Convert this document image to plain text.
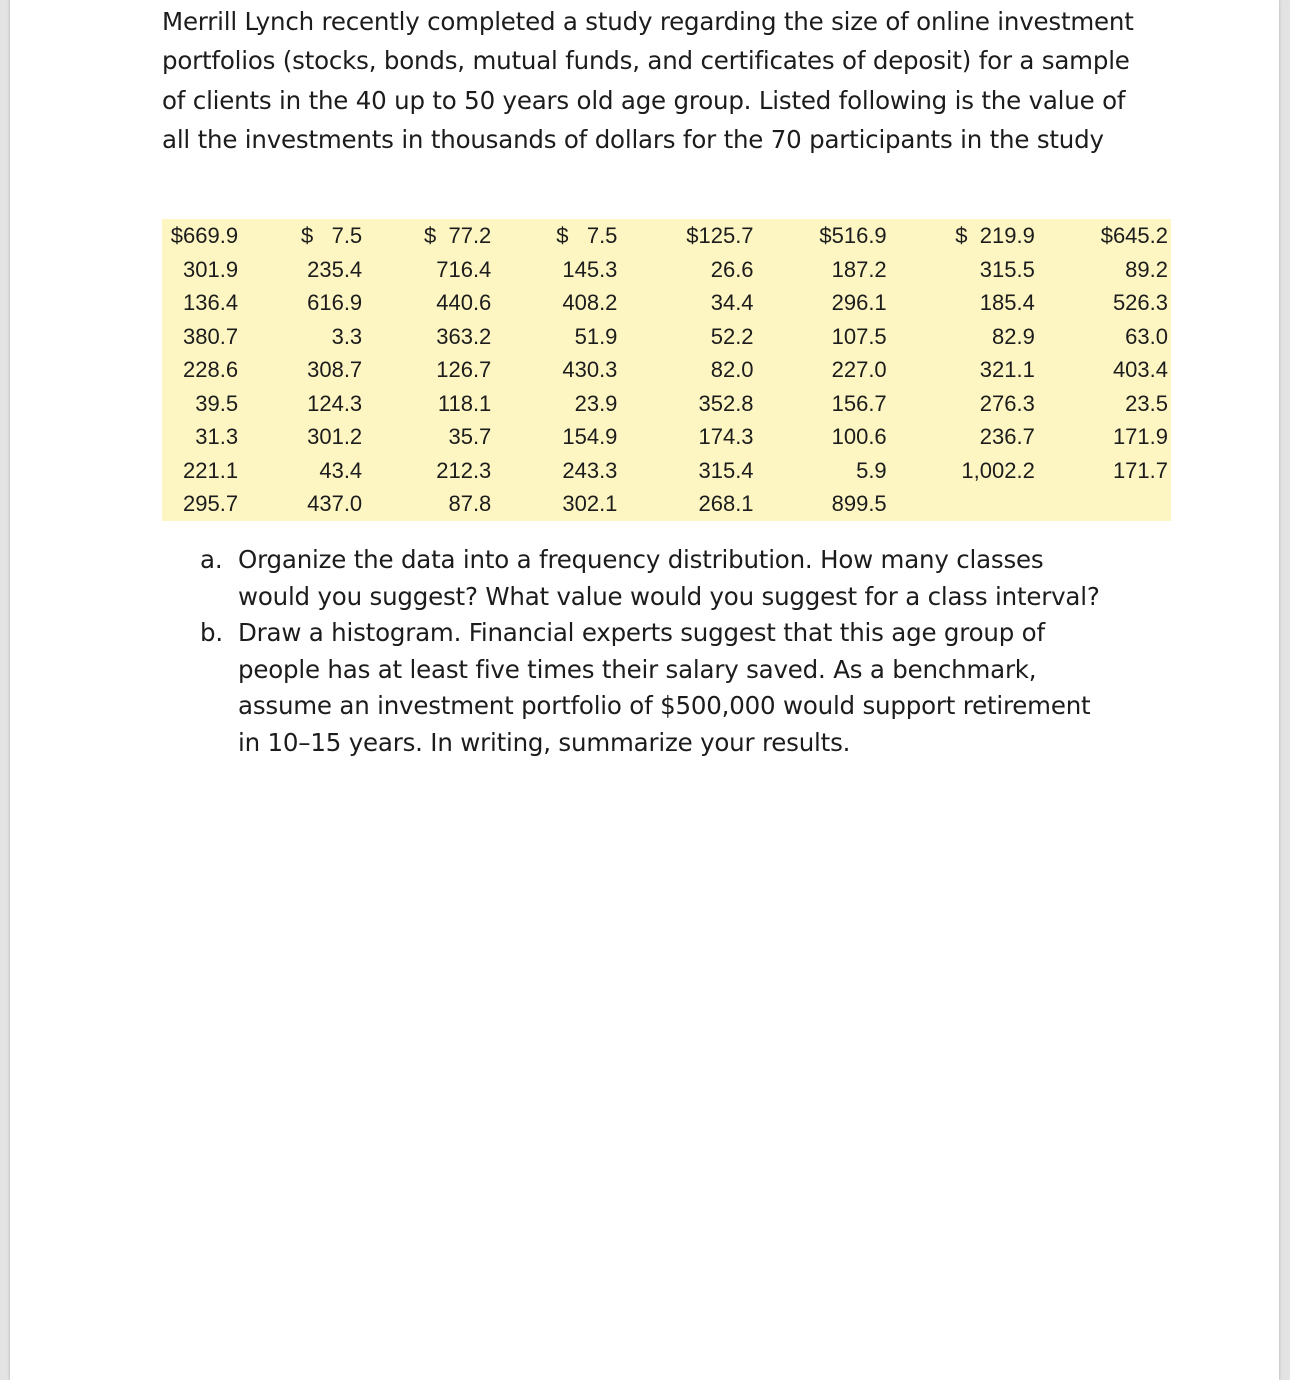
Merrill Lynch recently completed a study regarding the size of online investment portfolios (stocks, bonds, mutual funds, and certificates of deposit) for a sample of clients in the 40 up to 50 years old age group. Listed following is the value of all the investments in thousands of dollars for the 70 participants in the study

$669.9	$   7.5	$  77.2	$   7.5	$125.7	$516.9	$  219.9	$645.2
301.9	235.4	716.4	145.3	26.6	187.2	315.5	89.2
136.4	616.9	440.6	408.2	34.4	296.1	185.4	526.3
380.7	3.3	363.2	51.9	52.2	107.5	82.9	63.0
228.6	308.7	126.7	430.3	82.0	227.0	321.1	403.4
39.5	124.3	118.1	23.9	352.8	156.7	276.3	23.5
31.3	301.2	35.7	154.9	174.3	100.6	236.7	171.9
221.1	43.4	212.3	243.3	315.4	5.9	1,002.2	171.7
295.7	437.0	87.8	302.1	268.1	899.5		
a. Organize the data into a frequency distribution. How many classes would you suggest? What value would you suggest for a class interval?
b. Draw a histogram. Financial experts suggest that this age group of people has at least five times their salary saved. As a benchmark, assume an investment portfolio of $500,000 would support retirement in 10–15 years. In writing, summarize your results.
